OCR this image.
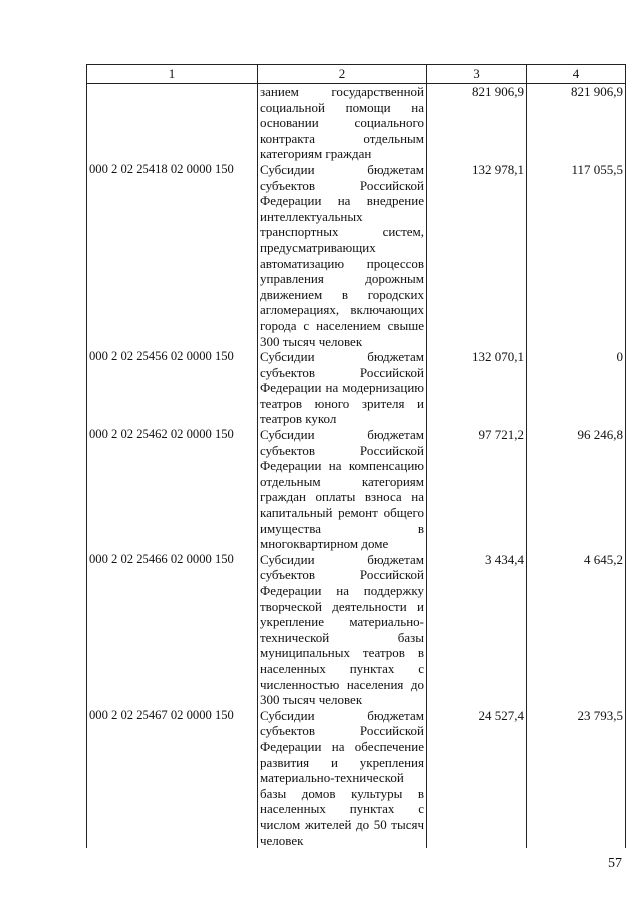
1	2	3	4
	занием государственной социальной помощи на основании социального контракта отдельным категориям граждан	821 906,9	821 906,9
000 2 02 25418 02 0000 150	Субсидии бюджетам субъектов Российской Федерации на внедрение интеллектуальных транспортных систем, предусматривающих автоматизацию процессов управления дорожным движением в городских агломерациях, включающих города с населением свыше 300 тысяч человек	132 978,1	117 055,5
000 2 02 25456 02 0000 150	Субсидии бюджетам субъектов Российской Федерации на модернизацию театров юного зрителя и театров кукол	132 070,1	0
000 2 02 25462 02 0000 150	Субсидии бюджетам субъектов Российской Федерации на компенсацию отдельным категориям граждан оплаты взноса на капитальный ремонт общего имущества в многоквартирном доме	97 721,2	96 246,8
000 2 02 25466 02 0000 150	Субсидии бюджетам субъектов Российской Федерации на поддержку творческой деятельности и укрепление материально-технической базы муниципальных театров в населенных пунктах с численностью населения до 300 тысяч человек	3 434,4	4 645,2
000 2 02 25467 02 0000 150	Субсидии бюджетам субъектов Российской Федерации на обеспечение развития и укрепления материально-технической базы домов культуры в населенных пунктах с числом жителей до 50 тысяч человек	24 527,4	23 793,5
57
